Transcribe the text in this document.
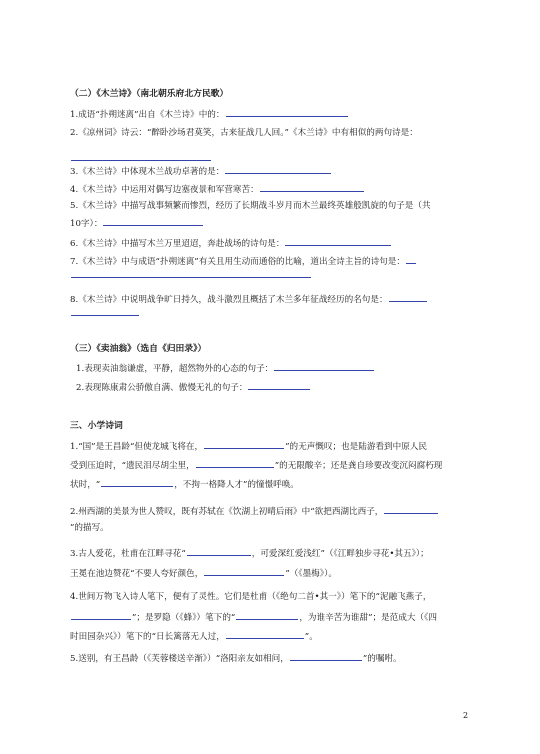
（二）《木兰诗》（南北朝乐府北方民歌）
1.成语“扑朔迷离”出自《木兰诗》中的：
2.《凉州词》诗云：“醉卧沙场君莫笑，古来征战几人回。”《木兰诗》中有相似的两句诗是：
3.《木兰诗》中体现木兰战功卓著的是：
4.《木兰诗》中运用对偶写边塞夜景和军营寒苦：
5.《木兰诗》中描写战事频繁而惨烈，经历了长期战斗岁月而木兰最终英雄般凯旋的句子是（共
10字）：
6.《木兰诗》中描写木兰万里迢迢，奔赴战场的诗句是：
7.《木兰诗》中与成语“扑朔迷离”有关且用生动而通俗的比喻，道出全诗主旨的诗句是：
8.《木兰诗》中说明战争旷日持久，战斗激烈且概括了木兰多年征战经历的名句是：
（三）《卖油翁》（选自《归田录》）
1.表现卖油翁谦虚，平静，超然物外的心态的句子：
2.表现陈康肃公骄傲自满、傲慢无礼的句子：
三、小学诗词
1.“国”是王昌龄“但使龙城飞将在，	”的无声慨叹；也是陆游看到中原人民
受到压迫时，“遗民泪尽胡尘里，	”的无限酸辛；还是龚自珍要改变沉闷腐朽现
状时，“	，不拘一格降人才”的憧憬呼唤。
2.州西湖的美景为世人赞叹，既有苏轼在《饮湖上初晴后雨》中“欲把西湖比西子，
”的描写。
3.古人爱花，杜甫在江畔寻花“	，可爱深红爱浅红”（《江畔独步寻花•其五》）；
王冕在池边赞花“不要人夸好颜色，	”（《墨梅》）。
4.世间万物飞入诗人笔下，便有了灵性。它们是杜甫（《绝句二首•其一》）笔下的“泥融飞燕子，
”；是罗隐（《蜂》）笔下的“	，为谁辛苦为谁甜”；是范成大（《四
时田园杂兴》）笔下的“日长篱落无人过，	”。
5.送别，有王昌龄（《芙蓉楼送辛渐》）“洛阳亲友如相问，	”的嘱咐。
2
